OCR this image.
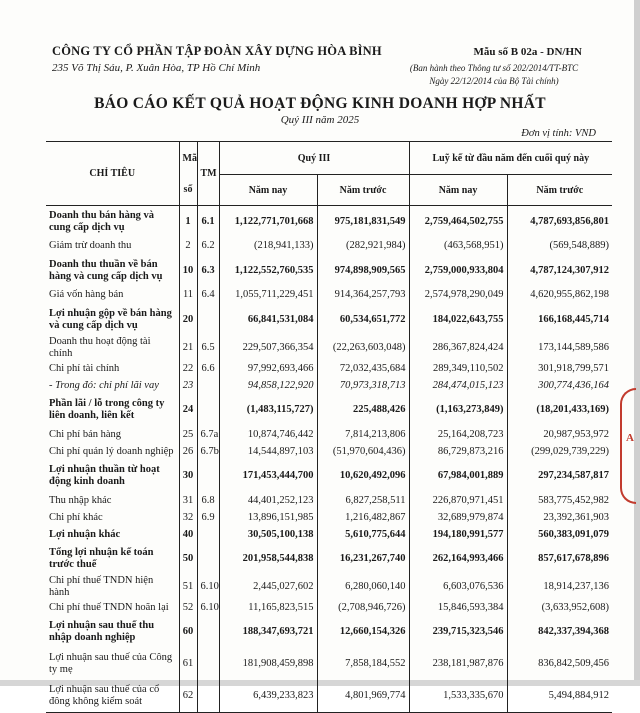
CÔNG TY CỔ PHẦN TẬP ĐOÀN XÂY DỰNG HÒA BÌNH
235 Võ Thị Sáu, P. Xuân Hòa, TP Hồ Chí Minh
Mẫu số B 02a - DN/HN
(Ban hành theo Thông tư số 202/2014/TT-BTC
Ngày 22/12/2014 của Bộ Tài chính)
BÁO CÁO KẾT QUẢ HOẠT ĐỘNG KINH DOANH HỢP NHẤT
Quý III năm 2025
Đơn vị tính: VND
CHỈ TIÊU	Mã	TM	Quý III		Luỹ kế từ đầu năm đến cuối quý này	
	số		Năm nay	Năm trước	Năm nay	Năm trước
Doanh thu bán hàng và cung cấp dịch vụ	1	6.1	1,122,771,701,668	975,181,831,549	2,759,464,502,755	4,787,693,856,801
Giảm trừ doanh thu	2	6.2	(218,941,133)	(282,921,984)	(463,568,951)	(569,548,889)
Doanh thu thuần về bán hàng và cung cấp dịch vụ	10	6.3	1,122,552,760,535	974,898,909,565	2,759,000,933,804	4,787,124,307,912
Giá vốn hàng bán	11	6.4	1,055,711,229,451	914,364,257,793	2,574,978,290,049	4,620,955,862,198
Lợi nhuận gộp về bán hàng và cung cấp dịch vụ	20		66,841,531,084	60,534,651,772	184,022,643,755	166,168,445,714
Doanh thu hoạt động tài chính	21	6.5	229,507,366,354	(22,263,603,048)	286,367,824,424	173,144,589,586
Chi phí tài chính	22	6.6	97,992,693,466	72,032,435,684	289,349,110,502	301,918,799,571
- Trong đó: chi phí lãi vay	23		94,858,122,920	70,973,318,713	284,474,015,123	300,774,436,164
Phần lãi / lỗ trong công ty liên doanh, liên kết	24		(1,483,115,727)	225,488,426	(1,163,273,849)	(18,201,433,169)
Chi phí bán hàng	25	6.7a	10,874,746,442	7,814,213,806	25,164,208,723	20,987,953,972
Chi phí quản lý doanh nghiệp	26	6.7b	14,544,897,103	(51,970,604,436)	86,729,873,216	(299,029,739,229)
Lợi nhuận thuần từ hoạt động kinh doanh	30		171,453,444,700	10,620,492,096	67,984,001,889	297,234,587,817
Thu nhập khác	31	6.8	44,401,252,123	6,827,258,511	226,870,971,451	583,775,452,982
Chi phí khác	32	6.9	13,896,151,985	1,216,482,867	32,689,979,874	23,392,361,903
Lợi nhuận khác	40		30,505,100,138	5,610,775,644	194,180,991,577	560,383,091,079
Tổng lợi nhuận kế toán trước thuế	50		201,958,544,838	16,231,267,740	262,164,993,466	857,617,678,896
Chi phí thuế TNDN hiện hành	51	6.10	2,445,027,602	6,280,060,140	6,603,076,536	18,914,237,136
Chi phí thuế TNDN hoãn lại	52	6.10	11,165,823,515	(2,708,946,726)	15,846,593,384	(3,633,952,608)
Lợi nhuận sau thuế thu nhập doanh nghiệp	60		188,347,693,721	12,660,154,326	239,715,323,546	842,337,394,368
Lợi nhuận sau thuế của Công ty mẹ	61		181,908,459,898	7,858,184,552	238,181,987,876	836,842,509,456
Lợi nhuận sau thuế của cổ đông không kiểm soát	62		6,439,233,823	4,801,969,774	1,533,335,670	5,494,884,912
A
